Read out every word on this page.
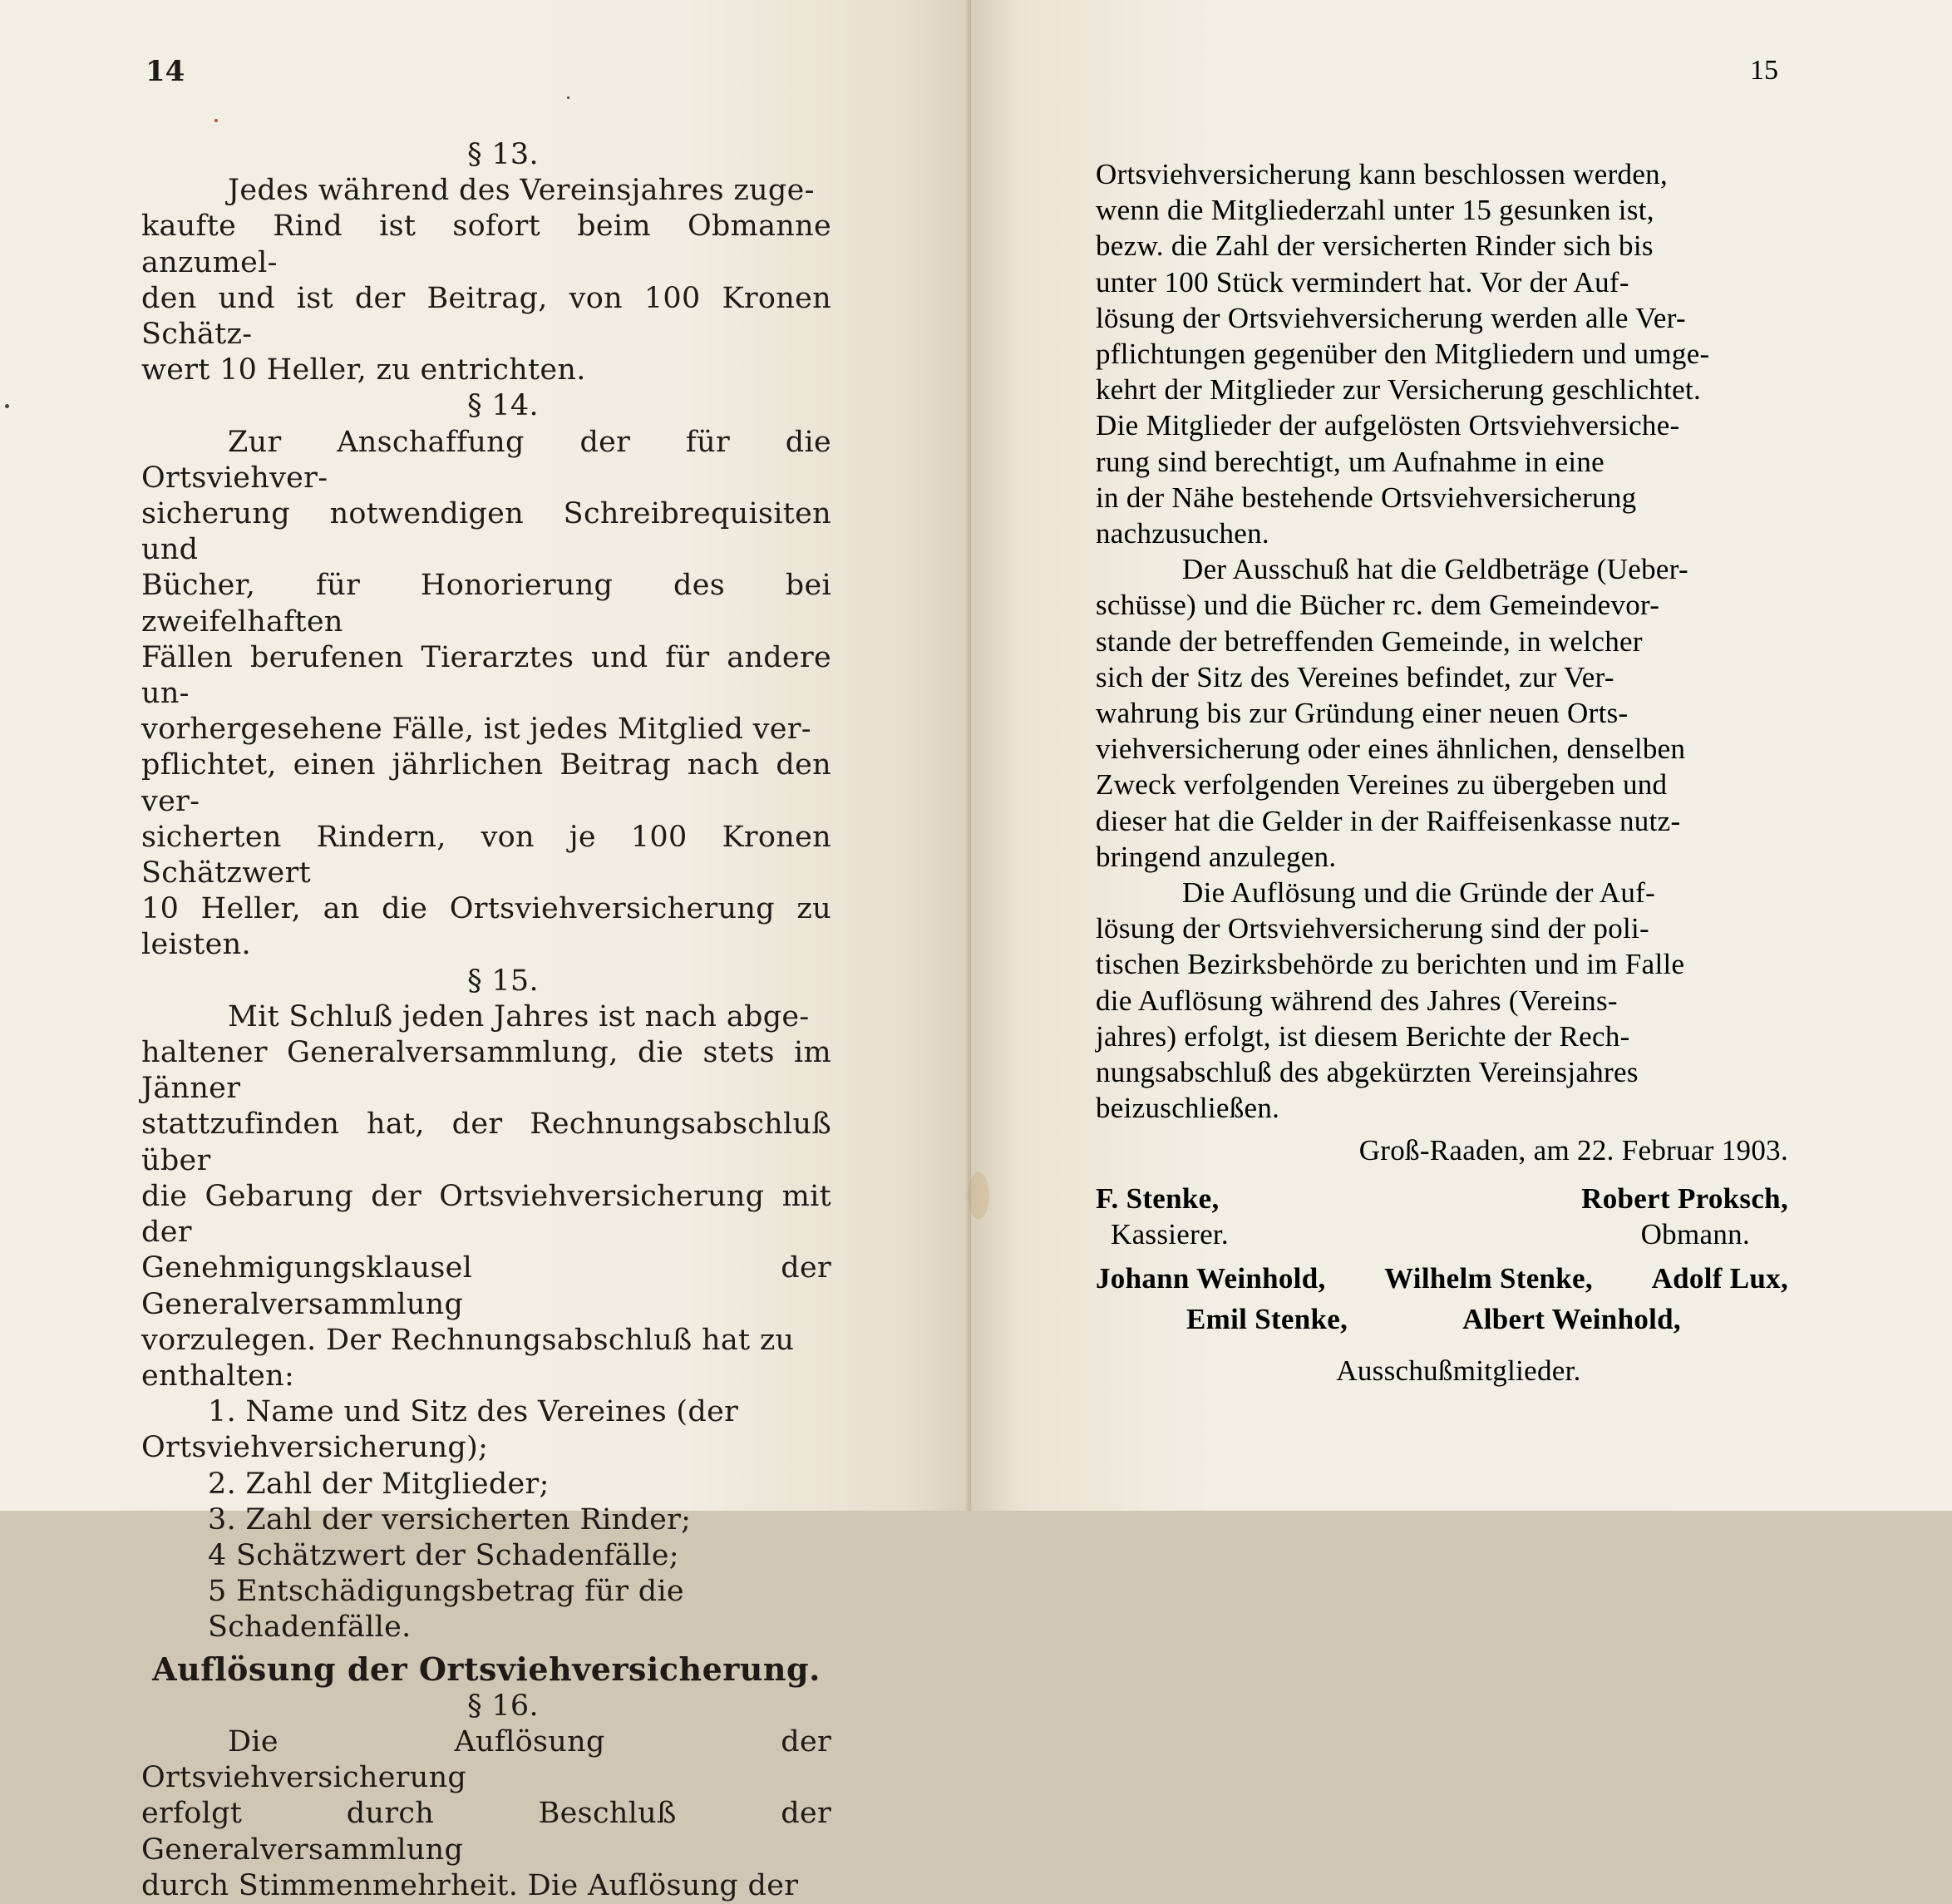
14

§ 13.

Jedes während des Vereinsjahres zuge-
kaufte Rind ist sofort beim Obmanne anzumel-
den und ist der Beitrag, von 100 Kronen Schätz-
wert 10 Heller, zu entrichten.

§ 14.

Zur Anschaffung der für die Ortsviehver-
sicherung notwendigen Schreibrequisiten und
Bücher, für Honorierung des bei zweifelhaften
Fällen berufenen Tierarztes und für andere un-
vorhergesehene Fälle, ist jedes Mitglied ver-
pflichtet, einen jährlichen Beitrag nach den ver-
sicherten Rindern, von je 100 Kronen Schätzwert
10 Heller, an die Ortsviehversicherung zu leisten.

§ 15.

Mit Schluß jeden Jahres ist nach abge-
haltener Generalversammlung, die stets im Jänner
stattzufinden hat, der Rechnungsabschluß über
die Gebarung der Ortsviehversicherung mit der
Genehmigungsklausel der Generalversammlung
vorzulegen. Der Rechnungsabschluß hat zu
enthalten:
1. Name und Sitz des Vereines (der
Ortsviehversicherung);
2. Zahl der Mitglieder;
3. Zahl der versicherten Rinder;
4 Schätzwert der Schadenfälle;
5 Entschädigungsbetrag für die Schadenfälle.

Auflösung der Ortsviehversicherung.

§ 16.

Die Auflösung der Ortsviehversicherung
erfolgt durch Beschluß der Generalversammlung
durch Stimmenmehrheit. Die Auflösung der
15
Ortsviehversicherung kann beschlossen werden,
wenn die Mitgliederzahl unter 15 gesunken ist,
bezw. die Zahl der versicherten Rinder sich bis
unter 100 Stück vermindert hat. Vor der Auf-
lösung der Ortsviehversicherung werden alle Ver-
pflichtungen gegenüber den Mitgliedern und umge-
kehrt der Mitglieder zur Versicherung geschlichtet.
Die Mitglieder der aufgelösten Ortsviehversiche-
rung sind berechtigt, um Aufnahme in eine
in der Nähe bestehende Ortsviehversicherung
nachzusuchen.
Der Ausschuß hat die Geldbeträge (Ueber-
schüsse) und die Bücher rc. dem Gemeindevor-
stande der betreffenden Gemeinde, in welcher
sich der Sitz des Vereines befindet, zur Ver-
wahrung bis zur Gründung einer neuen Orts-
viehversicherung oder eines ähnlichen, denselben
Zweck verfolgenden Vereines zu übergeben und
dieser hat die Gelder in der Raiffeisenkasse nutz-
bringend anzulegen.
Die Auflösung und die Gründe der Auf-
lösung der Ortsviehversicherung sind der poli-
tischen Bezirksbehörde zu berichten und im Falle
die Auflösung während des Jahres (Vereins-
jahres) erfolgt, ist diesem Berichte der Rech-
nungsabschluß des abgekürzten Vereinsjahres
beizuschließen.

Groß-Raaden, am 22. Februar 1903.

F. Stenke,	Robert Proksch,
Kassierer.	Obmann.
Johann Weinhold, Wilhelm Stenke, Adolf Lux,
Emil Stenke,	Albert Weinhold,

Ausschußmitglieder.
